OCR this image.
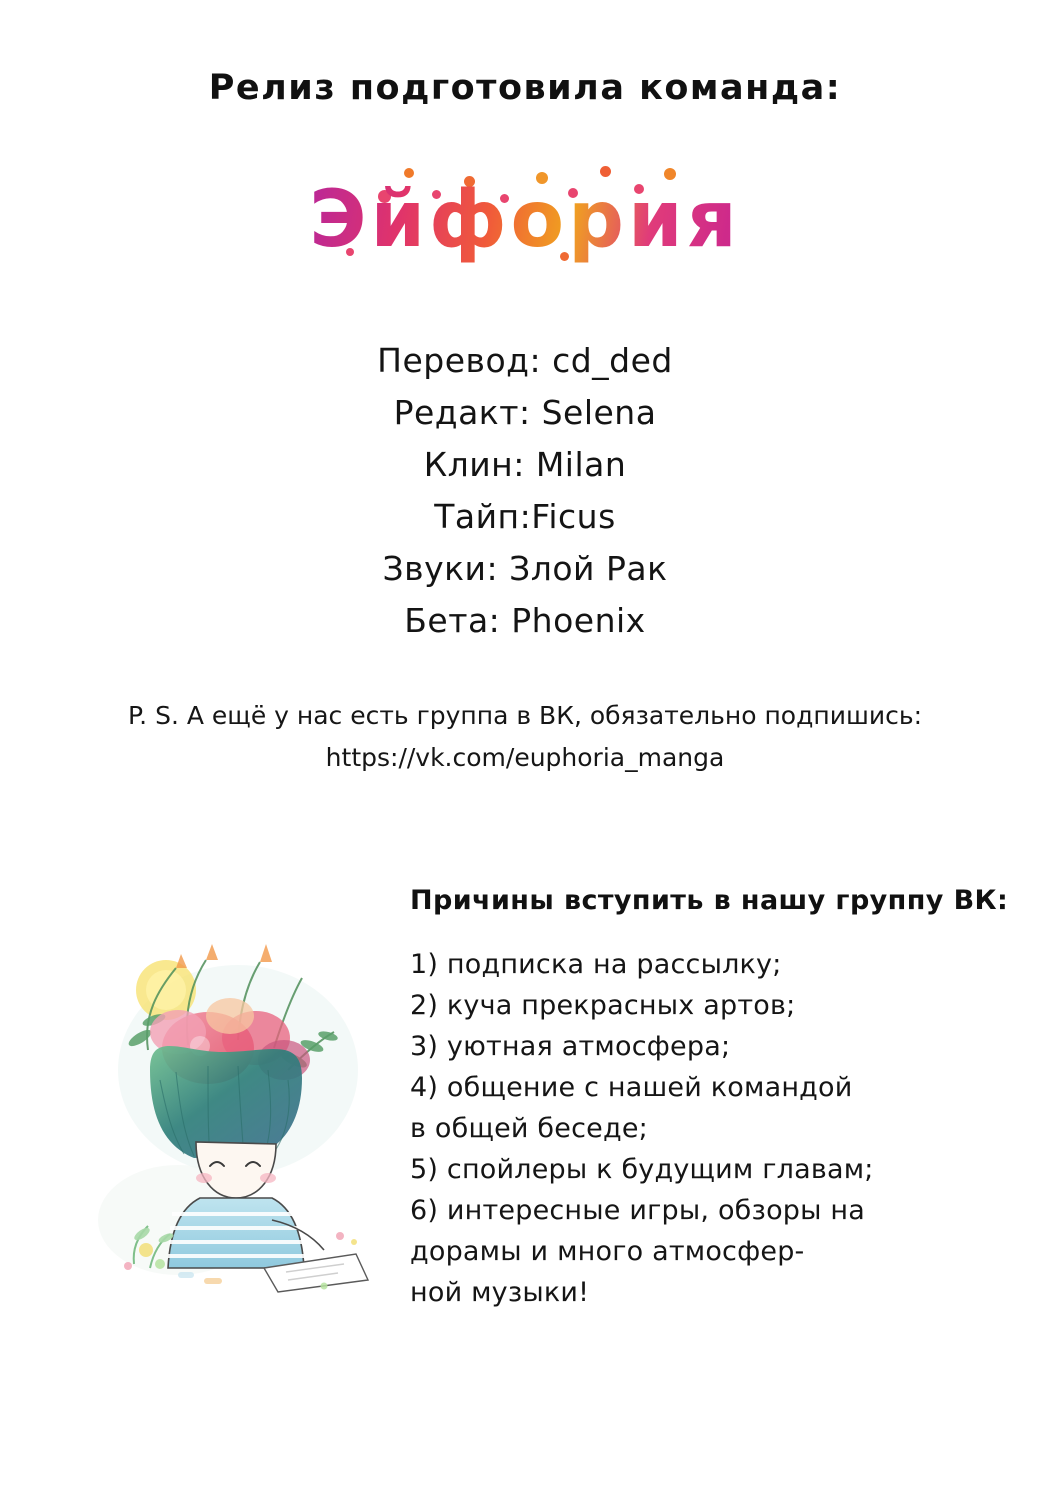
Релиз подготовила команда:
Эйфория
Перевод: cd_ded
Редакт: Selena
Клин: Milan
Тайп:Ficus
Звуки: Злой Рак
Бета: Phoenix
P. S. А ещё у нас есть группа в ВК, обязательно подпишись:
https://vk.com/euphoria_manga
Причины вступить в нашу группу ВК:
1) подписка на рассылку;
2) куча прекрасных артов;
3) уютная атмосфера;
4) общение с нашей командой
в общей беседе;
5) спойлеры к будущим главам;
6) интересные игры, обзоры на
дорамы и много атмосфер-
ной музыки!
